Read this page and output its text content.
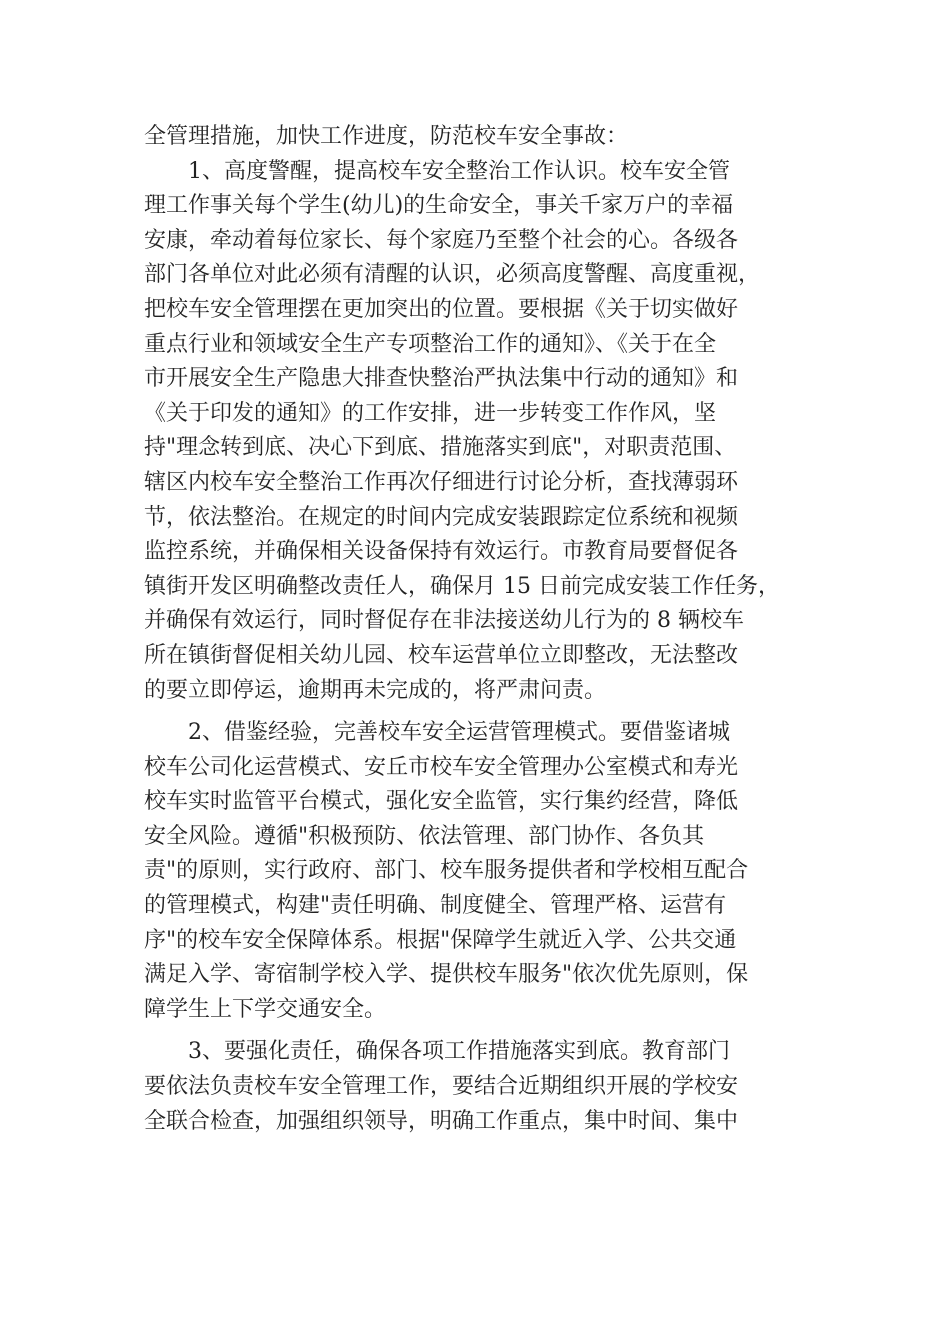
全管理措施，加快工作进度，防范校车安全事故：
1、高度警醒，提高校车安全整治工作认识。校车安全管
理工作事关每个学生(幼儿)的生命安全，事关千家万户的幸福
安康，牵动着每位家长、每个家庭乃至整个社会的心。各级各
部门各单位对此必须有清醒的认识，必须高度警醒、高度重视，
把校车安全管理摆在更加突出的位置。要根据《关于切实做好
重点行业和领域安全生产专项整治工作的通知》、《关于在全
市开展安全生产隐患大排查快整治严执法集中行动的通知》和
《关于印发的通知》的工作安排，进一步转变工作作风，坚
持"理念转到底、决心下到底、措施落实到底"，对职责范围、
辖区内校车安全整治工作再次仔细进行讨论分析，查找薄弱环
节，依法整治。在规定的时间内完成安装跟踪定位系统和视频
监控系统，并确保相关设备保持有效运行。市教育局要督促各
镇街开发区明确整改责任人，确保月 15 日前完成安装工作任务，
并确保有效运行，同时督促存在非法接送幼儿行为的 8 辆校车
所在镇街督促相关幼儿园、校车运营单位立即整改，无法整改
的要立即停运，逾期再未完成的，将严肃问责。
2、借鉴经验，完善校车安全运营管理模式。要借鉴诸城
校车公司化运营模式、安丘市校车安全管理办公室模式和寿光
校车实时监管平台模式，强化安全监管，实行集约经营，降低
安全风险。遵循"积极预防、依法管理、部门协作、各负其
责"的原则，实行政府、部门、校车服务提供者和学校相互配合
的管理模式，构建"责任明确、制度健全、管理严格、运营有
序"的校车安全保障体系。根据"保障学生就近入学、公共交通
满足入学、寄宿制学校入学、提供校车服务"依次优先原则，保
障学生上下学交通安全。
3、要强化责任，确保各项工作措施落实到底。教育部门
要依法负责校车安全管理工作，要结合近期组织开展的学校安
全联合检查，加强组织领导，明确工作重点，集中时间、集中
